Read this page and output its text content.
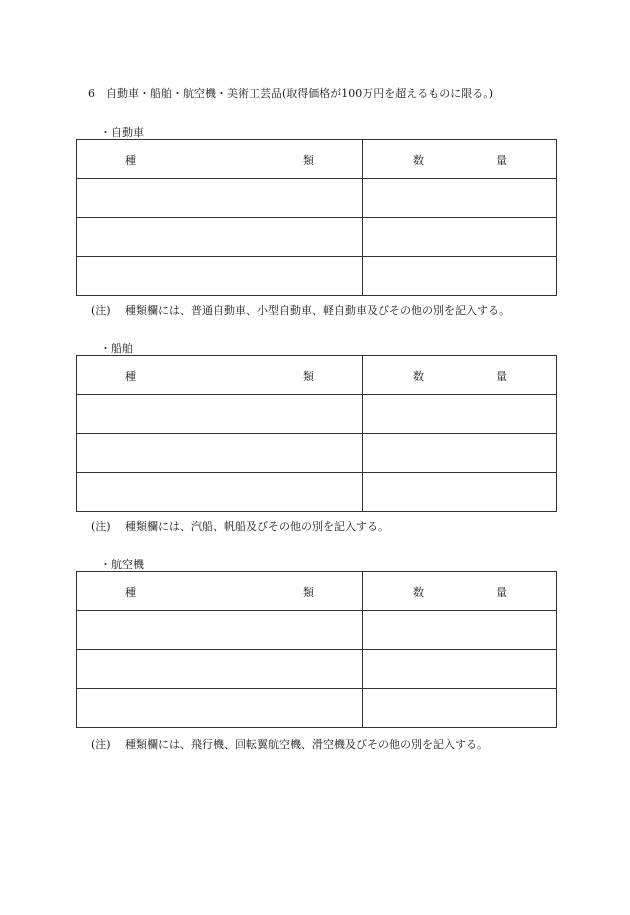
6 自動車・船舶・航空機・美術工芸品(取得価格が100万円を超えるものに限る。)
・自動車
種 類	数 量

(注) 種類欄には、普通自動車、小型自動車、軽自動車及びその他の別を記入する。
・船舶
種 類	数 量

(注) 種類欄には、汽船、帆船及びその他の別を記入する。
・航空機
種 類	数 量

(注) 種類欄には、飛行機、回転翼航空機、滑空機及びその他の別を記入する。
